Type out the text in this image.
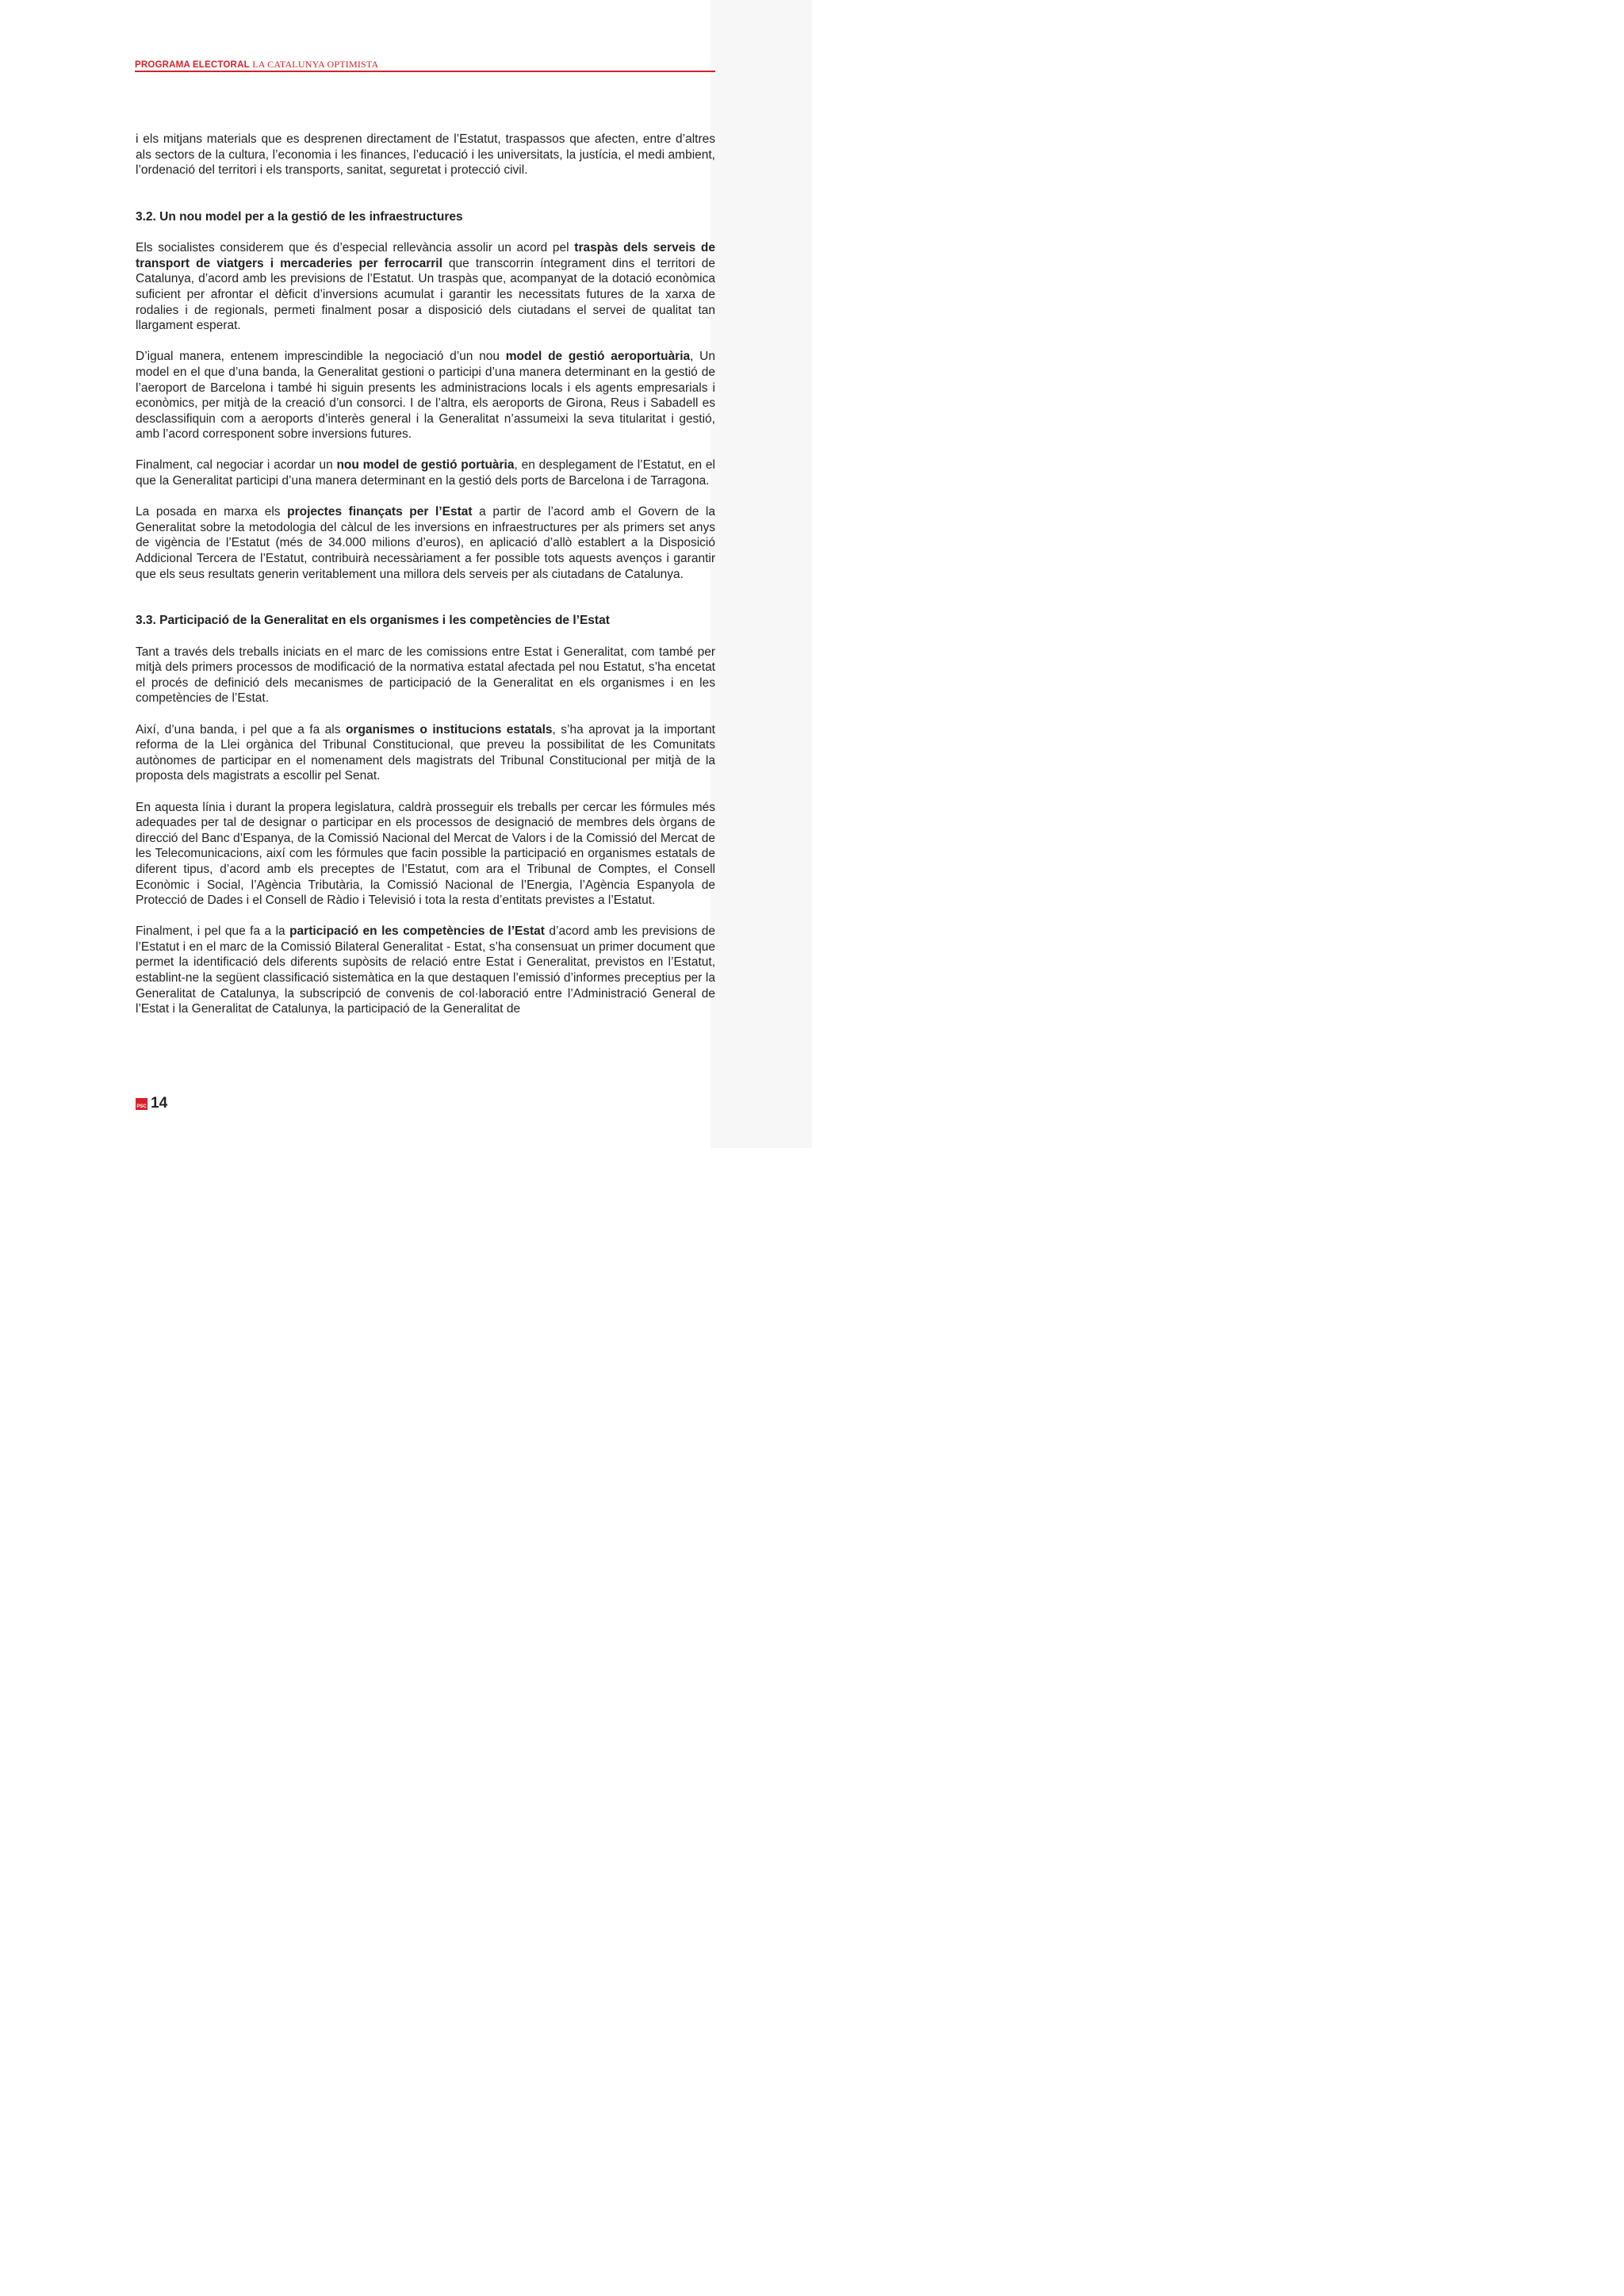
PROGRAMA ELECTORAL LA CATALUNYA OPTIMISTA

i els mitjans materials que es desprenen directament de l’Estatut, traspassos que afecten, entre d’altres als sectors de la cultura, l’economia i les finances, l’educació i les universitats, la justícia, el medi ambient, l’ordenació del territori i els transports, sanitat, seguretat i protecció civil.

3.2. Un nou model per a la gestió de les infraestructures

Els socialistes considerem que és d’especial rellevància assolir un acord pel traspàs dels serveis de transport de viatgers i mercaderies per ferrocarril que transcorrin íntegrament dins el territori de Catalunya, d’acord amb les previsions de l’Estatut. Un traspàs que, acompanyat de la dotació econòmica suficient per afrontar el dèficit d’inversions acumulat i garantir les necessitats futures de la xarxa de rodalies i de regionals, permeti finalment posar a disposició dels ciutadans el servei de qualitat tan llargament esperat.

D’igual manera, entenem imprescindible la negociació d’un nou model de gestió aeroportuària, Un model en el que d’una banda, la Generalitat gestioni o participi d’una manera determinant en la gestió de l’aeroport de Barcelona i també hi siguin presents les administracions locals i els agents empresarials i econòmics, per mitjà de la creació d’un consorci. I de l’altra, els aeroports de Girona, Reus i Sabadell es desclassifiquin com a aeroports d’interès general i la Generalitat n’assumeixi la seva titularitat i gestió, amb l’acord corresponent sobre inversions futures.

Finalment, cal negociar i acordar un nou model de gestió portuària, en desplegament de l’Estatut, en el que la Generalitat participi d’una manera determinant en la gestió dels ports de Barcelona i de Tarragona.

La posada en marxa els projectes finançats per l’Estat a partir de l’acord amb el Govern de la Generalitat sobre la metodologia del càlcul de les inversions en infraestructures per als primers set anys de vigència de l’Estatut (més de 34.000 milions d’euros), en aplicació d’allò establert a la Disposició Addicional Tercera de l’Estatut, contribuirà necessàriament a fer possible tots aquests avenços i garantir que els seus resultats generin veritablement una millora dels serveis per als ciutadans de Catalunya.

3.3. Participació de la Generalitat en els organismes i les competències de l’Estat

Tant a través dels treballs iniciats en el marc de les comissions entre Estat i Generalitat, com també per mitjà dels primers processos de modificació de la normativa estatal afectada pel nou Estatut, s’ha encetat el procés de definició dels mecanismes de participació de la Generalitat en els organismes i en les competències de l’Estat.

Així, d’una banda, i pel que a fa als organismes o institucions estatals, s’ha aprovat ja la important reforma de la Llei orgànica del Tribunal Constitucional, que preveu la possibilitat de les Comunitats autònomes de participar en el nomenament dels magistrats del Tribunal Constitucional per mitjà de la proposta dels magistrats a escollir pel Senat.

En aquesta línia i durant la propera legislatura, caldrà prosseguir els treballs per cercar les fórmules més adequades per tal de designar o participar en els processos de designació de membres dels òrgans de direcció del Banc d’Espanya, de la Comissió Nacional del Mercat de Valors i de la Comissió del Mercat de les Telecomunicacions, així com les fórmules que facin possible la participació en organismes estatals de diferent tipus, d’acord amb els preceptes de l’Estatut, com ara el Tribunal de Comptes, el Consell Econòmic i Social, l’Agència Tributària, la Comissió Nacional de l’Energia, l’Agència Espanyola de Protecció de Dades i el Consell de Ràdio i Televisió i tota la resta d’entitats previstes a l’Estatut.

Finalment, i pel que fa a la participació en les competències de l’Estat d’acord amb les previsions de l’Estatut i en el marc de la Comissió Bilateral Generalitat - Estat, s’ha consensuat un primer document que permet la identificació dels diferents supòsits de relació entre Estat i Generalitat, previstos en l’Estatut, establint-ne la següent classificació sistemàtica en la que destaquen l’emissió d’informes preceptius per la Generalitat de Catalunya, la subscripció de convenis de col·laboració entre l’Administració General de l’Estat i la Generalitat de Catalunya, la participació de la Generalitat de

PSC 14
